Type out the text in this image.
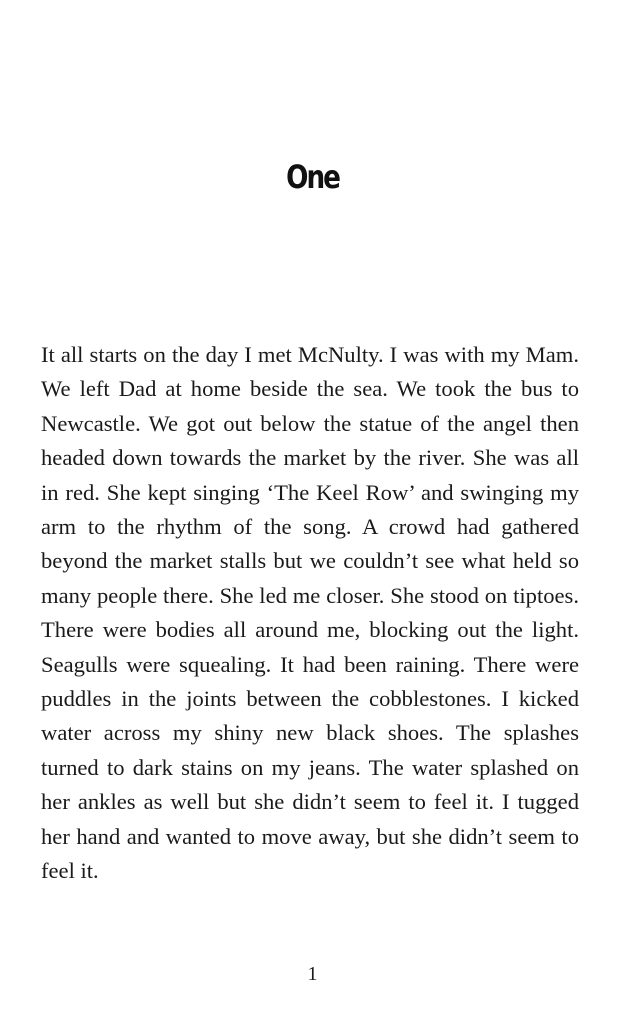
One

It all starts on the day I met McNulty. I was with my Mam. We left Dad at home beside the sea. We took the bus to Newcastle. We got out below the statue of the angel then headed down towards the market by the river. She was all in red. She kept singing ‘The Keel Row’ and swinging my arm to the rhythm of the song. A crowd had gathered beyond the market stalls but we couldn’t see what held so many people there. She led me closer. She stood on tiptoes. There were bodies all around me, blocking out the light. Seagulls were squealing. It had been raining. There were puddles in the joints between the cobblestones. I kicked water across my shiny new black shoes. The splashes turned to dark stains on my jeans. The water splashed on her ankles as well but she didn’t seem to feel it. I tugged her hand and wanted to move away, but she didn’t seem to feel it.

1
